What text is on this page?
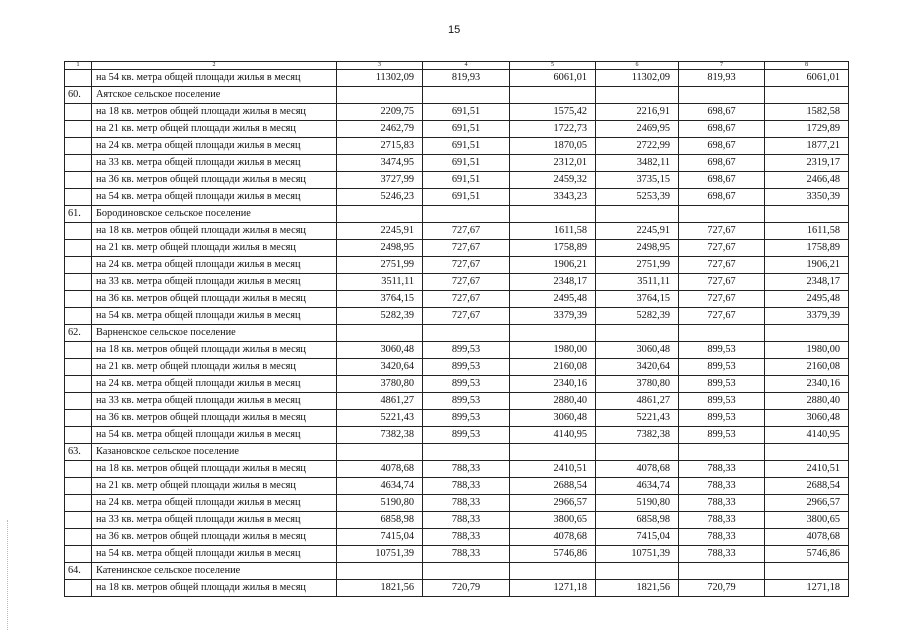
15
1	2	3	4	5	6	7	8
	на 54 кв. метра общей площади жилья в месяц	11302,09	819,93	6061,01	11302,09	819,93	6061,01
60.	Аятское сельское поселение						
	на 18 кв. метров общей площади жилья в месяц	2209,75	691,51	1575,42	2216,91	698,67	1582,58
	на 21 кв. метр общей площади жилья в месяц	2462,79	691,51	1722,73	2469,95	698,67	1729,89
	на 24 кв. метра общей площади жилья в месяц	2715,83	691,51	1870,05	2722,99	698,67	1877,21
	на 33 кв. метра общей площади жилья в месяц	3474,95	691,51	2312,01	3482,11	698,67	2319,17
	на 36 кв. метров общей площади жилья в месяц	3727,99	691,51	2459,32	3735,15	698,67	2466,48
	на 54 кв. метра общей площади жилья в месяц	5246,23	691,51	3343,23	5253,39	698,67	3350,39
61.	Бородиновское сельское поселение						
	на 18 кв. метров общей площади жилья в месяц	2245,91	727,67	1611,58	2245,91	727,67	1611,58
	на 21 кв. метр общей площади жилья в месяц	2498,95	727,67	1758,89	2498,95	727,67	1758,89
	на 24 кв. метра общей площади жилья в месяц	2751,99	727,67	1906,21	2751,99	727,67	1906,21
	на 33 кв. метра общей площади жилья в месяц	3511,11	727,67	2348,17	3511,11	727,67	2348,17
	на 36 кв. метров общей площади жилья в месяц	3764,15	727,67	2495,48	3764,15	727,67	2495,48
	на 54 кв. метра общей площади жилья в месяц	5282,39	727,67	3379,39	5282,39	727,67	3379,39
62.	Варненское сельское поселение						
	на 18 кв. метров общей площади жилья в месяц	3060,48	899,53	1980,00	3060,48	899,53	1980,00
	на 21 кв. метр общей площади жилья в месяц	3420,64	899,53	2160,08	3420,64	899,53	2160,08
	на 24 кв. метра общей площади жилья в месяц	3780,80	899,53	2340,16	3780,80	899,53	2340,16
	на 33 кв. метра общей площади жилья в месяц	4861,27	899,53	2880,40	4861,27	899,53	2880,40
	на 36 кв. метров общей площади жилья в месяц	5221,43	899,53	3060,48	5221,43	899,53	3060,48
	на 54 кв. метра общей площади жилья в месяц	7382,38	899,53	4140,95	7382,38	899,53	4140,95
63.	Казановское сельское поселение						
	на 18 кв. метров общей площади жилья в месяц	4078,68	788,33	2410,51	4078,68	788,33	2410,51
	на 21 кв. метр общей площади жилья в месяц	4634,74	788,33	2688,54	4634,74	788,33	2688,54
	на 24 кв. метра общей площади жилья в месяц	5190,80	788,33	2966,57	5190,80	788,33	2966,57
	на 33 кв. метра общей площади жилья в месяц	6858,98	788,33	3800,65	6858,98	788,33	3800,65
	на 36 кв. метров общей площади жилья в месяц	7415,04	788,33	4078,68	7415,04	788,33	4078,68
	на 54 кв. метра общей площади жилья в месяц	10751,39	788,33	5746,86	10751,39	788,33	5746,86
64.	Катенинское сельское поселение						
	на 18 кв. метров общей площади жилья в месяц	1821,56	720,79	1271,18	1821,56	720,79	1271,18
